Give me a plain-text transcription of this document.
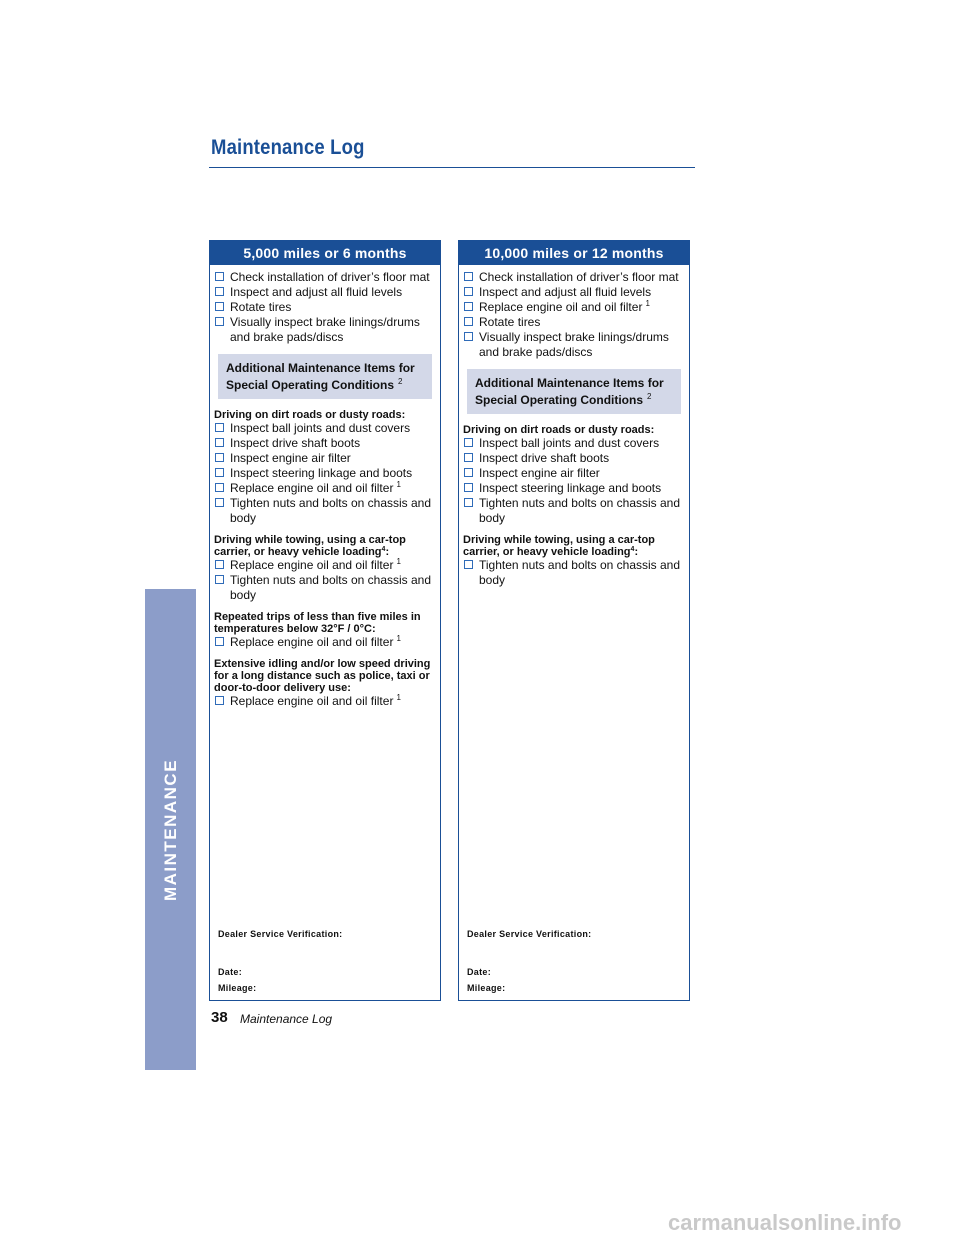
Maintenance Log
MAINTENANCE
5,000 miles or 6 months
Check installation of driver’s floor mat
Inspect and adjust all fluid levels
Rotate tires
Visually inspect brake linings/drums and brake pads/discs
Additional Maintenance Items for
Special Operating Conditions $^2$
Driving on dirt roads or dusty roads:
Inspect ball joints and dust covers
Inspect drive shaft boots
Inspect engine air filter
Inspect steering linkage and boots
Replace engine oil and oil filter $^1$
Tighten nuts and bolts on chassis and body
Driving while towing, using a car-top carrier, or heavy vehicle loading$^4$:
Replace engine oil and oil filter $^1$
Tighten nuts and bolts on chassis and body
Repeated trips of less than five miles in temperatures below 32°F / 0°C:
Replace engine oil and oil filter $^1$
Extensive idling and/or low speed driving for a long distance such as police, taxi or door-to-door delivery use:
Replace engine oil and oil filter $^1$
Dealer Service Verification:
Date:
Mileage:
10,000 miles or 12 months
Check installation of driver’s floor mat
Inspect and adjust all fluid levels
Replace engine oil and oil filter $^1$
Rotate tires
Visually inspect brake linings/drums and brake pads/discs
Additional Maintenance Items for
Special Operating Conditions $^2$
Driving on dirt roads or dusty roads:
Inspect ball joints and dust covers
Inspect drive shaft boots
Inspect engine air filter
Inspect steering linkage and boots
Tighten nuts and bolts on chassis and body
Driving while towing, using a car-top carrier, or heavy vehicle loading$^4$:
Tighten nuts and bolts on chassis and body
Dealer Service Verification:
Date:
Mileage:
38 Maintenance Log
carmanualsonline.info
